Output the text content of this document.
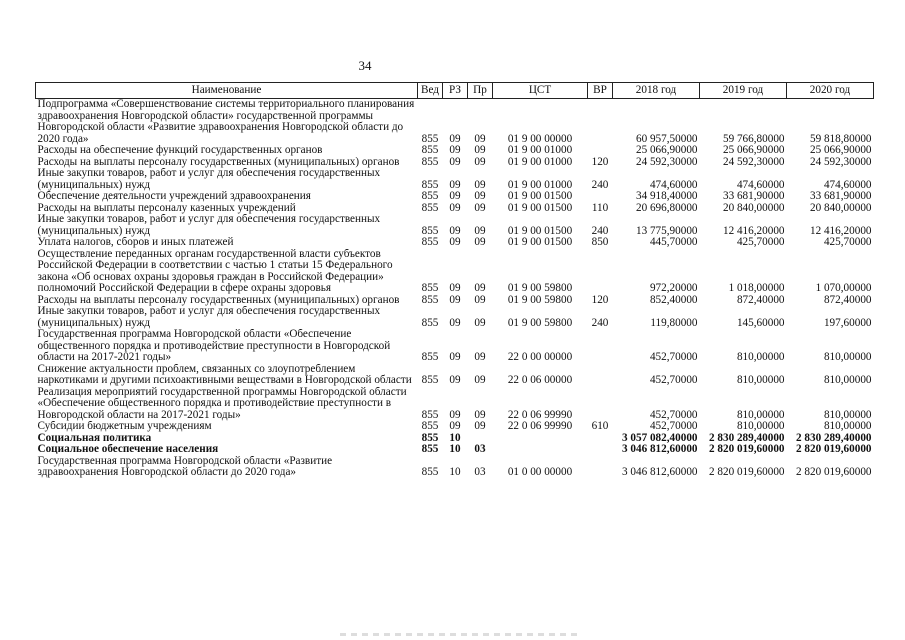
34
Наименование	Вед	РЗ	Пр	ЦСТ	ВР	2018 год	2019 год	2020 год
Подпрограмма «Совершенствование системы территориального планирования здравоохранения Новгородской области» государственной программы Новгородской области «Развитие здравоохранения Новгородской области до 2020 года»	855	09	09	01 9 00 00000		60 957,50000	59 766,80000	59 818,80000
Расходы на обеспечение функций государственных органов	855	09	09	01 9 00 01000		25 066,90000	25 066,90000	25 066,90000
Расходы на выплаты персоналу государственных (муниципальных) органов	855	09	09	01 9 00 01000	120	24 592,30000	24 592,30000	24 592,30000
Иные закупки товаров, работ и услуг для обеспечения государственных (муниципальных) нужд	855	09	09	01 9 00 01000	240	474,60000	474,60000	474,60000
Обеспечение деятельности учреждений здравоохранения	855	09	09	01 9 00 01500		34 918,40000	33 681,90000	33 681,90000
Расходы на выплаты персоналу казенных учреждений	855	09	09	01 9 00 01500	110	20 696,80000	20 840,00000	20 840,00000
Иные закупки товаров, работ и услуг для обеспечения государственных (муниципальных) нужд	855	09	09	01 9 00 01500	240	13 775,90000	12 416,20000	12 416,20000
Уплата налогов, сборов и иных платежей	855	09	09	01 9 00 01500	850	445,70000	425,70000	425,70000
Осуществление переданных органам государственной власти субъектов Российской Федерации в соответствии с частью 1 статьи 15 Федерального закона «Об основах охраны здоровья граждан в Российской Федерации» полномочий Российской Федерации в сфере охраны здоровья	855	09	09	01 9 00 59800		972,20000	1 018,00000	1 070,00000
Расходы на выплаты персоналу государственных (муниципальных) органов	855	09	09	01 9 00 59800	120	852,40000	872,40000	872,40000
Иные закупки товаров, работ и услуг для обеспечения государственных (муниципальных) нужд	855	09	09	01 9 00 59800	240	119,80000	145,60000	197,60000
Государственная программа Новгородской области «Обеспечение общественного порядка и противодействие преступности в Новгородской области на 2017-2021 годы»	855	09	09	22 0 00 00000		452,70000	810,00000	810,00000
Снижение актуальности проблем, связанных со злоупотреблением наркотиками и другими психоактивными веществами в Новгородской области	855	09	09	22 0 06 00000		452,70000	810,00000	810,00000
Реализация мероприятий государственной программы Новгородской области «Обеспечение общественного порядка и противодействие преступности в Новгородской области на 2017-2021 годы»	855	09	09	22 0 06 99990		452,70000	810,00000	810,00000
Субсидии бюджетным учреждениям	855	09	09	22 0 06 99990	610	452,70000	810,00000	810,00000
Социальная политика	855	10				3 057 082,40000	2 830 289,40000	2 830 289,40000
Социальное обеспечение населения	855	10	03			3 046 812,60000	2 820 019,60000	2 820 019,60000
Государственная программа Новгородской области «Развитие здравоохранения Новгородской области до 2020 года»	855	10	03	01 0 00 00000		3 046 812,60000	2 820 019,60000	2 820 019,60000
